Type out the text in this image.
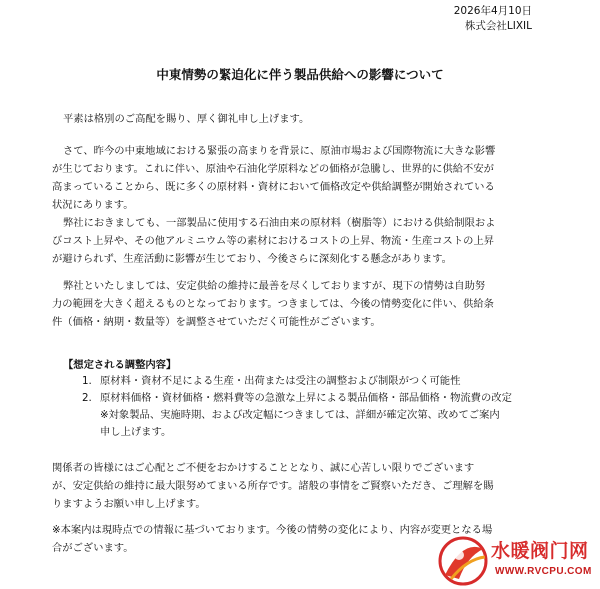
2026年4月10日
株式会社LIXIL
中東情勢の緊迫化に伴う製品供給への影響について

平素は格別のご高配を賜り、厚く御礼申し上げます。

さて、昨今の中東地域における緊張の高まりを背景に、原油市場および国際物流に大きな影響
が生じております。これに伴い、原油や石油化学原料などの価格が急騰し、世界的に供給不安が
高まっていることから、既に多くの原材料・資材において価格改定や供給調整が開始されている
状況にあります。

弊社におきましても、一部製品に使用する石油由来の原材料（樹脂等）における供給制限およ
びコスト上昇や、その他アルミニウム等の素材におけるコストの上昇、物流・生産コストの上昇
が避けられず、生産活動に影響が生じており、今後さらに深刻化する懸念があります。

弊社といたしましては、安定供給の維持に最善を尽くしておりますが、現下の情勢は自助努
力の範囲を大きく超えるものとなっております。つきましては、今後の情勢変化に伴い、供給条
件（価格・納期・数量等）を調整させていただく可能性がございます。

【想定される調整内容】
1. 原材料・資材不足による生産・出荷または受注の調整および制限がつく可能性
2. 原材料価格・資材価格・燃料費等の急激な上昇による製品価格・部品価格・物流費の改定
※対象製品、実施時期、および改定幅につきましては、詳細が確定次第、改めてご案内
申し上げます。

関係者の皆様にはご心配とご不便をおかけすることとなり、誠に心苦しい限りでございます
が、安定供給の維持に最大限努めてまいる所存です。諸般の事情をご賢察いただき、ご理解を賜
りますようお願い申し上げます。

※本案内は現時点での情報に基づいております。今後の情勢の変化により、内容が変更となる場
合がございます。	水暖阀门网
WWW.RVCPU.COM
